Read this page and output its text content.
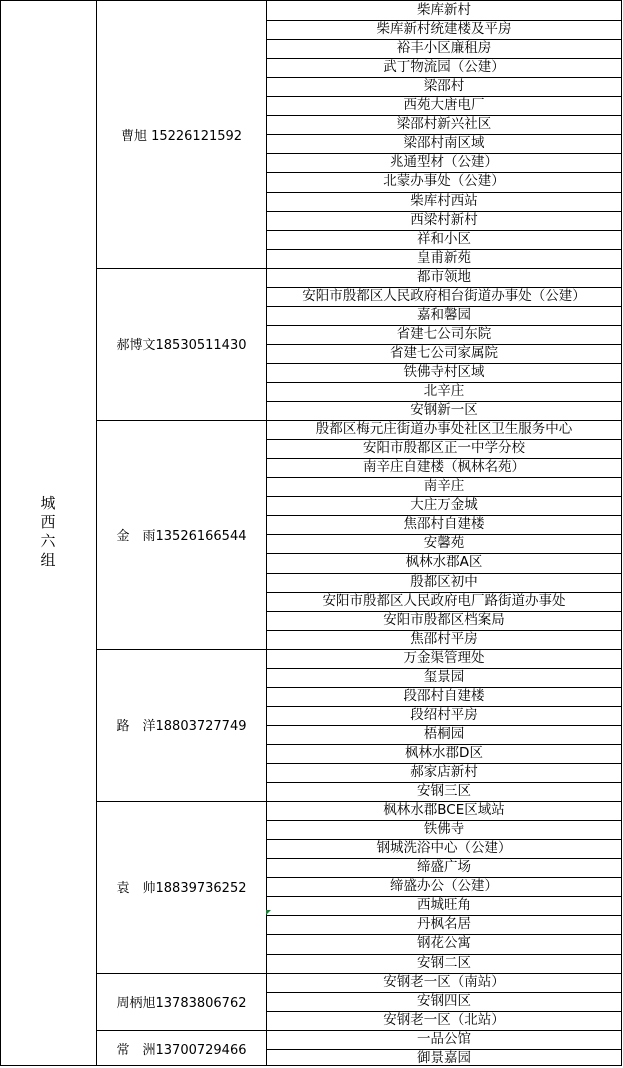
城西六组
曹旭 15226121592
柴库新村
柴库新村统建楼及平房
裕丰小区廉租房
武丁物流园（公建）
梁邵村
西苑大唐电厂
梁邵村新兴社区
梁邵村南区域
兆通型材（公建）
北蒙办事处（公建）
柴库村西站
西梁村新村
祥和小区
皇甫新苑
郝博文18530511430
都市领地
安阳市殷都区人民政府相台街道办事处（公建）
嘉和馨园
省建七公司东院
省建七公司家属院
铁佛寺村区域
北辛庄
安钢新一区
金　雨13526166544
殷都区梅元庄街道办事处社区卫生服务中心
安阳市殷都区正一中学分校
南辛庄自建楼（枫林名苑）
南辛庄
大庄万金城
焦邵村自建楼
安馨苑
枫林水郡A区
殷都区初中
安阳市殷都区人民政府电厂路街道办事处
安阳市殷都区档案局
焦邵村平房
路　洋18803727749
万金渠管理处
玺景园
段邵村自建楼
段绍村平房
梧桐园
枫林水郡D区
郝家店新村
安钢三区
袁　帅18839736252
枫林水郡BCE区域站
铁佛寺
钢城洗浴中心（公建）
缔盛广场
缔盛办公（公建）
西城旺角
丹枫名居
钢花公寓
安钢二区
周柄旭13783806762
安钢老一区（南站）
安钢四区
安钢老一区（北站）
常　洲13700729466
一品公馆
御景嘉园
